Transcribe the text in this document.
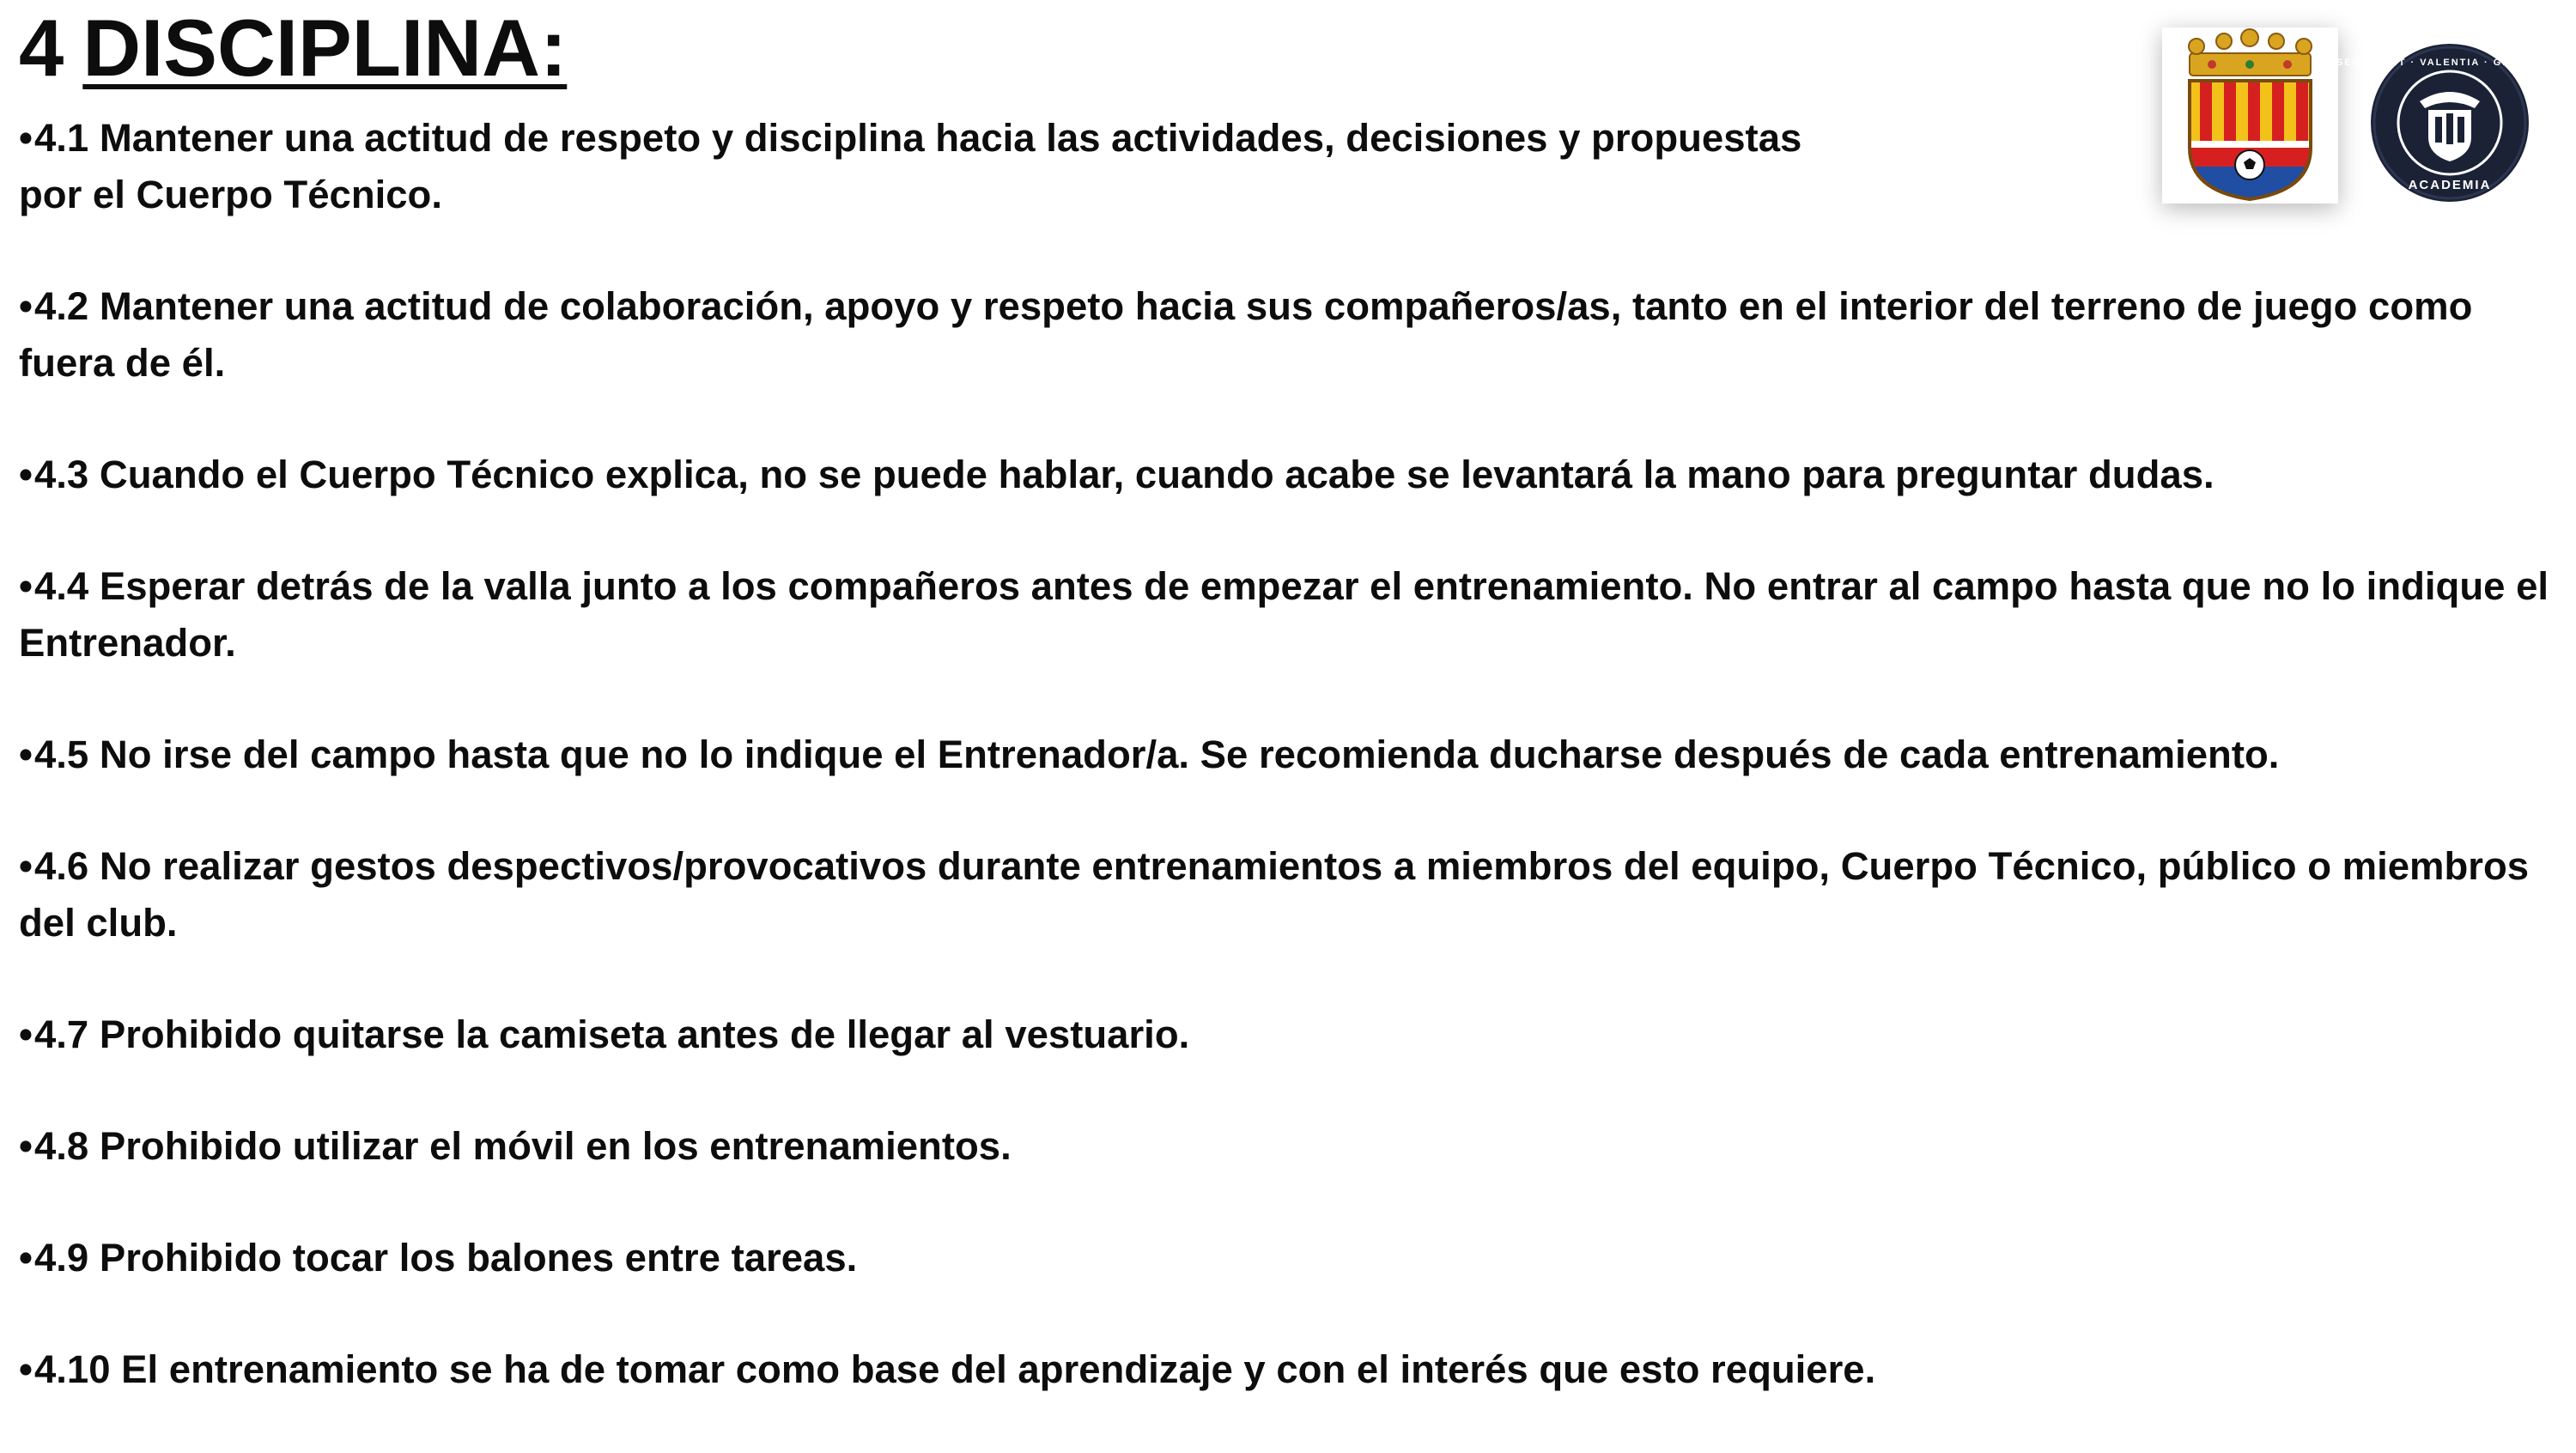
4 DISCIPLINA:	SENTIMENT · VALENTIA · GERMANOR
ACADEMIA
•4.1 Mantener una actitud de respeto y disciplina hacia las actividades, decisiones y propuestas por el Cuerpo Técnico.
•4.2 Mantener una actitud de colaboración, apoyo y respeto hacia sus compañeros/as, tanto en el interior del terreno de juego como fuera de él.
•4.3 Cuando el Cuerpo Técnico explica, no se puede hablar, cuando acabe se levantará la mano para preguntar dudas.
•4.4 Esperar detrás de la valla junto a los compañeros antes de empezar el entrenamiento. No entrar al campo hasta que no lo indique el Entrenador.
•4.5 No irse del campo hasta que no lo indique el Entrenador/a. Se recomienda ducharse después de cada entrenamiento.
•4.6 No realizar gestos despectivos/provocativos durante entrenamientos a miembros del equipo, Cuerpo Técnico, público o miembros del club.
•4.7 Prohibido quitarse la camiseta antes de llegar al vestuario.
•4.8 Prohibido utilizar el móvil en los entrenamientos.
•4.9 Prohibido tocar los balones entre tareas.
•4.10 El entrenamiento se ha de tomar como base del aprendizaje y con el interés que esto requiere.
